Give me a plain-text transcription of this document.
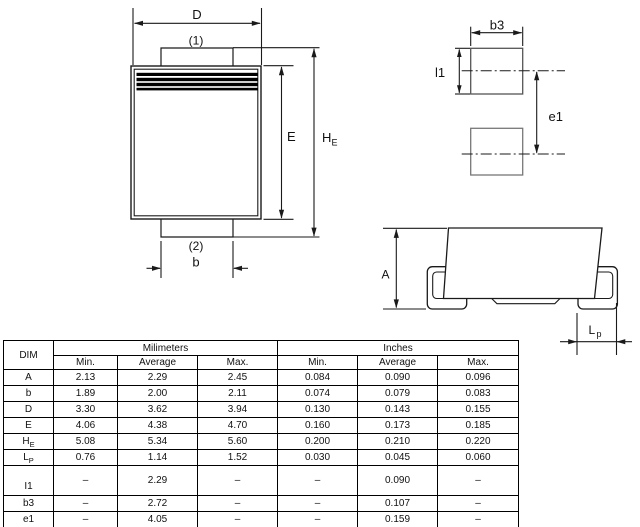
D
(1)
E H E
(2)
b
b3
l1
e1
A
L p
DIM	Milimeters			Inches		
	Min.	Average	Max.	Min.	Average	Max.
A	2.13	2.29	2.45	0.084	0.090	0.096
b	1.89	2.00	2.11	0.074	0.079	0.083
D	3.30	3.62	3.94	0.130	0.143	0.155
E	4.06	4.38	4.70	0.160	0.173	0.185
$H_E$	5.08	5.34	5.60	0.200	0.210	0.220
$L_P$	0.76	1.14	1.52	0.030	0.045	0.060
I1	–	2.29	–	–	0.090	–
b3	–	2.72	–	–	0.107	–
e1	–	4.05	–	–	0.159	–
